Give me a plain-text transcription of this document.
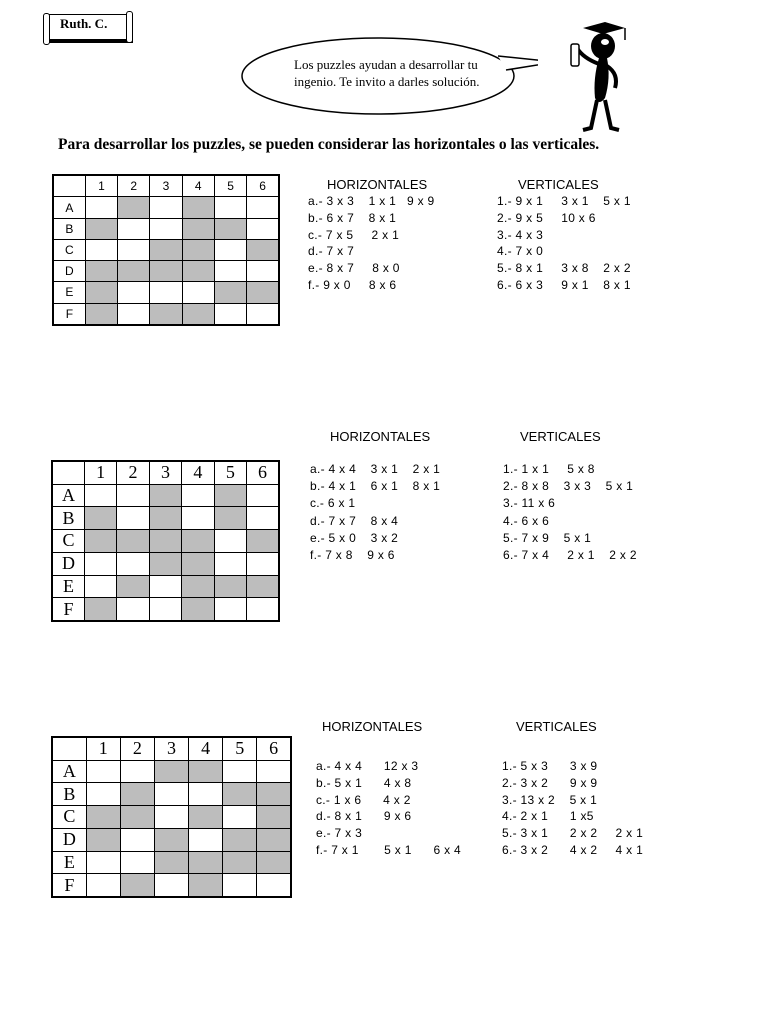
Ruth. C.
Los puzzles ayudan a desarrollar tu ingenio. Te invito a darles solución.
Para desarrollar los puzzles, se pueden considerar las horizontales o las verticales.
	1	2	3	4	5	6
A						
B						
C						
D						
E						
F						
	1	2	3	4	5	6
A						
B						
C						
D						
E						
F						
	1	2	3	4	5	6
A						
B						
C						
D						
E						
F						
HORIZONTALES	VERTICALES
a.- 3 x 3    1 x 1   9 x 9
b.- 6 x 7    8 x 1
c.- 7 x 5     2 x 1
d.- 7 x 7
e.- 8 x 7     8 x 0
f.- 9 x 0     8 x 6
1.- 9 x 1     3 x 1    5 x 1
2.- 9 x 5     10 x 6
3.- 4 x 3
4.- 7 x 0
5.- 8 x 1     3 x 8    2 x 2
6.- 6 x 3     9 x 1    8 x 1
HORIZONTALES	VERTICALES
a.- 4 x 4    3 x 1    2 x 1
b.- 4 x 1    6 x 1    8 x 1
c.- 6 x 1
d.- 7 x 7    8 x 4
e.- 5 x 0    3 x 2
f.- 7 x 8    9 x 6
1.- 1 x 1     5 x 8
2.- 8 x 8    3 x 3    5 x 1
3.- 11 x 6
4.- 6 x 6
5.- 7 x 9    5 x 1
6.- 7 x 4     2 x 1    2 x 2
HORIZONTALES	VERTICALES
a.- 4 x 4      12 x 3
b.- 5 x 1      4 x 8
c.- 1 x 6      4 x 2
d.- 8 x 1      9 x 6
e.- 7 x 3
f.- 7 x 1       5 x 1      6 x 4
1.- 5 x 3      3 x 9
2.- 3 x 2      9 x 9
3.- 13 x 2    5 x 1
4.- 2 x 1      1 x5
5.- 3 x 1      2 x 2     2 x 1
6.- 3 x 2      4 x 2     4 x 1
